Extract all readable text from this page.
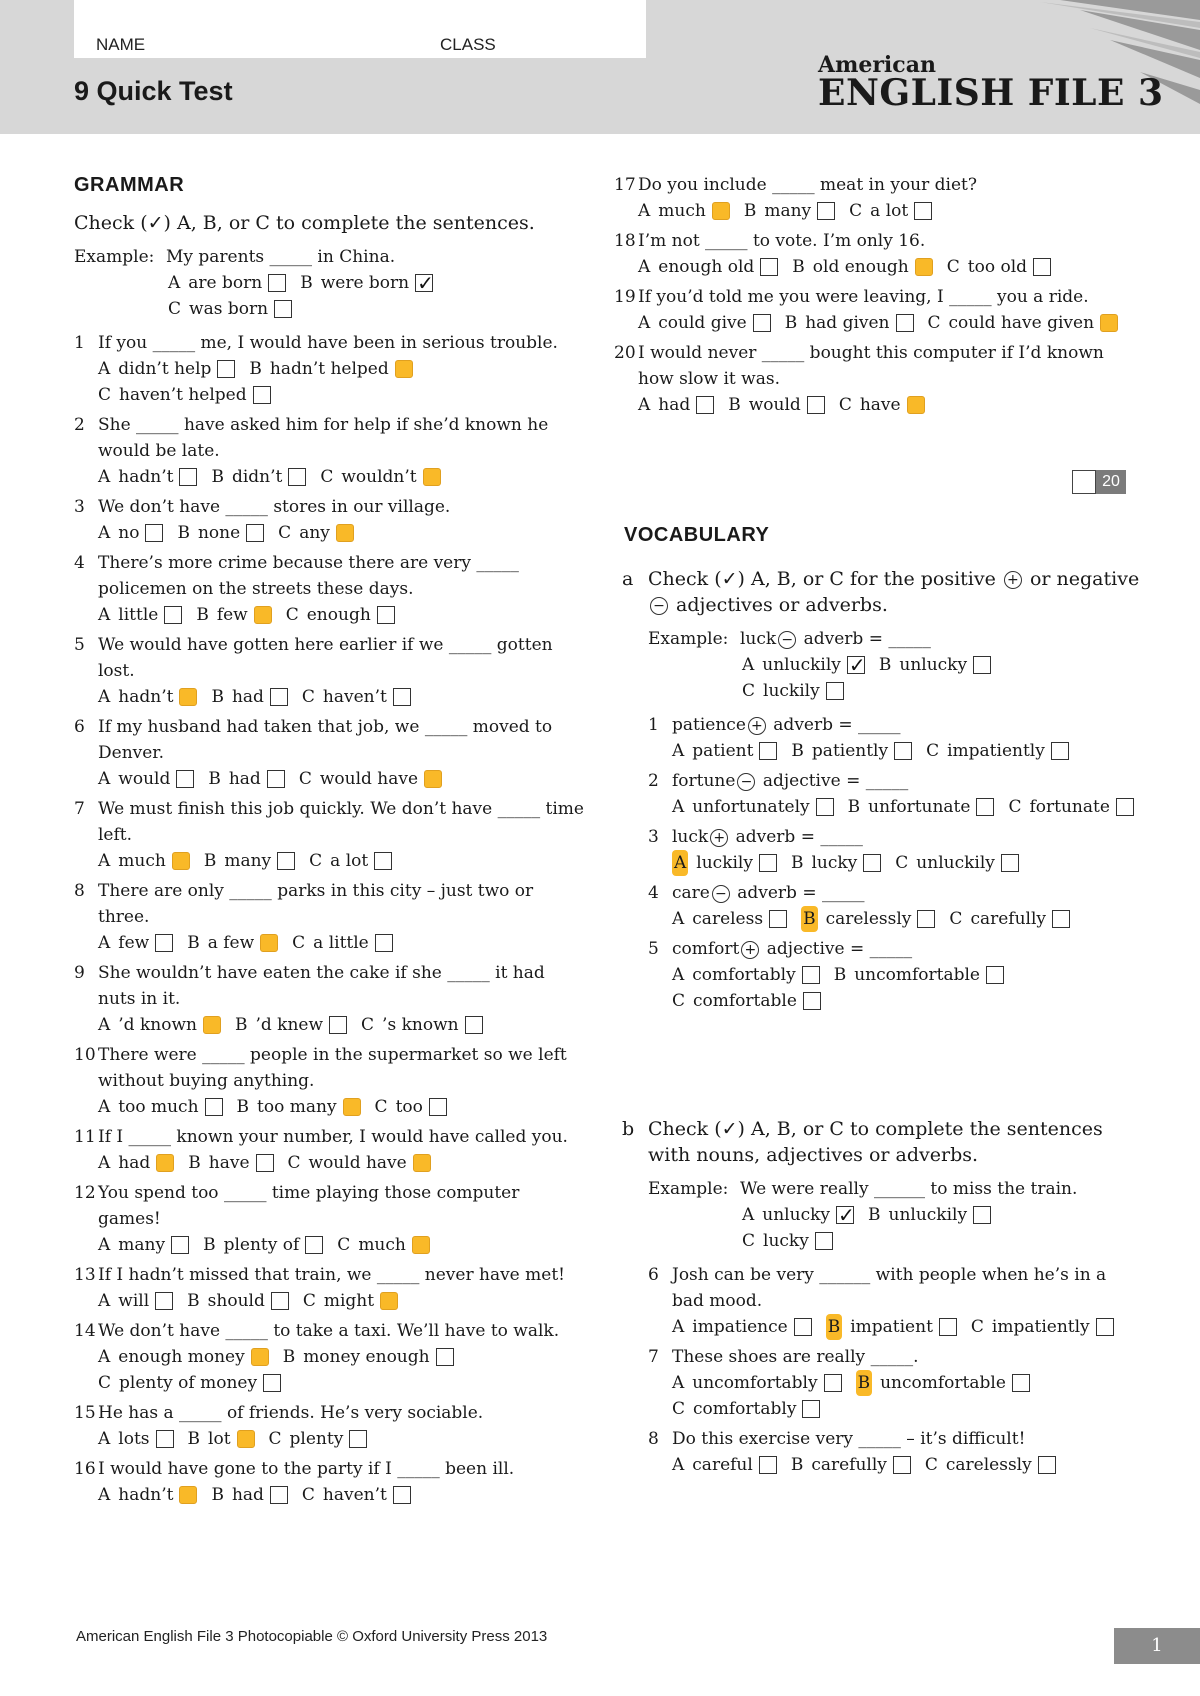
NAME	CLASS
9 Quick Test
American
ENGLISH FILE 3
GRAMMAR
Check (✓) A, B, or C to complete the sentences.
Example: My parents _____ in China.
A are born B were born
✓
C was born
1 If you _____ me, I would have been in serious trouble.
A didn’t help B hadn’t helped
C haven’t helped
2 She _____ have asked him for help if she’d known he would be late.
A hadn’t B didn’t C wouldn’t
3 We don’t have _____ stores in our village.
A no B none C any
4 There’s more crime because there are very _____ policemen on the streets these days.
A little B few C enough
5 We would have gotten here earlier if we _____ gotten lost.
A hadn’t B had C haven’t
6 If my husband had taken that job, we _____ moved to Denver.
A would B had C would have
7 We must finish this job quickly. We don’t have _____ time left.
A much B many C a lot
8 There are only _____ parks in this city – just two or three.
A few B a few C a little
9 She wouldn’t have eaten the cake if she _____ it had nuts in it.
A ’d known B ’d knew C ’s known
10 There were _____ people in the supermarket so we left without buying anything.
A too much B too many C too
11 If I _____ known your number, I would have called you.
A had B have C would have
12 You spend too _____ time playing those computer games!
A many B plenty of C much
13 If I hadn’t missed that train, we _____ never have met!
A will B should C might
14 We don’t have _____ to take a taxi. We’ll have to walk.
A enough money B money enough
C plenty of money
15 He has a _____ of friends. He’s very sociable.
A lots B lot C plenty
16 I would have gone to the party if I _____ been ill.
A hadn’t B had C haven’t
17 Do you include _____ meat in your diet?
A much B many C a lot
18 I’m not _____ to vote. I’m only 16.
A enough old B old enough C too old
19 If you’d told me you were leaving, I _____ you a ride.
A could give B had given C could have given
20 I would never _____ bought this computer if I’d known how slow it was.
A had B would C have
20
VOCABULARY
a Check (✓) A, B, or C for the positive + or negative− adjectives or adverbs.
Example: luck − adverb = _____
A unluckily ✓ B unlucky
C luckily
1 patience + adverb = _____
A patient B patiently C impatiently
2 fortune − adjective = _____
A unfortunately B unfortunate C fortunate
3 luck + adverb = _____
A luckily B lucky C unluckily
4 care − adverb = _____
A careless B carelessly C carefully
5 comfort + adjective = _____
A comfortably B uncomfortable
C comfortable
b Check (✓) A, B, or C to complete the sentences with nouns, adjectives or adverbs.
Example: We were really ______ to miss the train.
A unlucky ✓ B unluckily
C lucky
6 Josh can be very ______ with people when he’s in a bad mood.
A impatience B impatient C impatiently
7 These shoes are really _____.
A uncomfortably B uncomfortable
C comfortably
8 Do this exercise very _____ – it’s difficult!
A careful B carefully C carelessly
American English File 3 Photocopiable © Oxford University Press 2013	1
